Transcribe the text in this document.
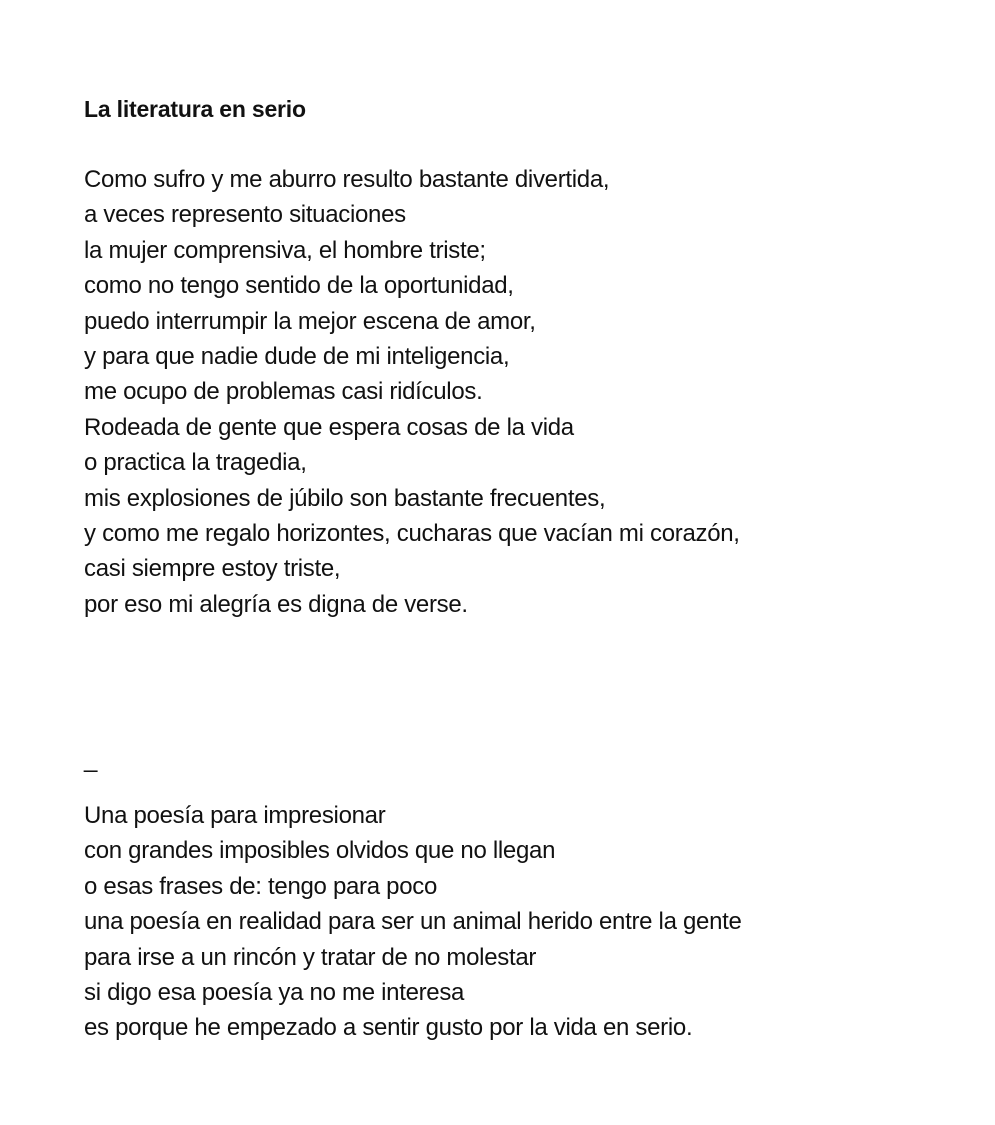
La literatura en serio
Como sufro y me aburro resulto bastante divertida,
a veces represento situaciones
la mujer comprensiva, el hombre triste;
como no tengo sentido de la oportunidad,
puedo interrumpir la mejor escena de amor,
y para que nadie dude de mi inteligencia,
me ocupo de problemas casi ridículos.
Rodeada de gente que espera cosas de la vida
o practica la tragedia,
mis explosiones de júbilo son bastante frecuentes,
y como me regalo horizontes, cucharas que vacían mi corazón,
casi siempre estoy triste,
por eso mi alegría es digna de verse.
_
Una poesía para impresionar
con grandes imposibles olvidos que no llegan
o esas frases de: tengo para poco
una poesía en realidad para ser un animal herido entre la gente
para irse a un rincón y tratar de no molestar
si digo esa poesía ya no me interesa
es porque he empezado a sentir gusto por la vida en serio.
